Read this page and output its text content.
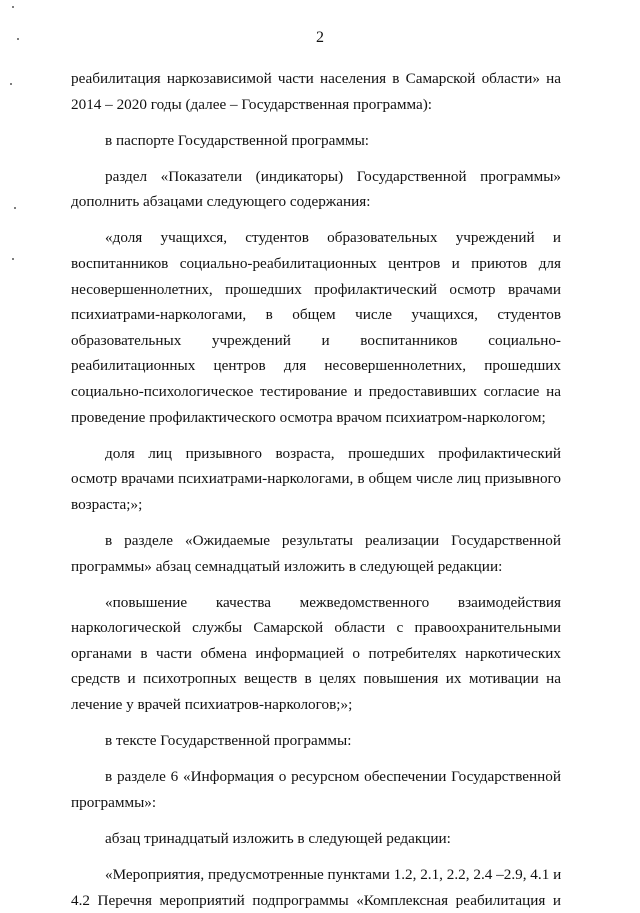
2
реабилитация наркозависимой части населения в Самарской области» на
2014 – 2020 годы (далее – Государственная программа):
в паспорте Государственной программы:
раздел «Показатели (индикаторы) Государственной программы»
дополнить абзацами следующего содержания:
«доля учащихся, студентов образовательных учреждений и
воспитанников социально-реабилитационных центров и приютов для
несовершеннолетних, прошедших профилактический осмотр врачами
психиатрами-наркологами, в общем числе учащихся, студентов
образовательных учреждений и воспитанников социально-
реабилитационных центров для несовершеннолетних, прошедших
социально-психологическое тестирование и предоставивших согласие на
проведение профилактического осмотра врачом психиатром-наркологом;
доля лиц призывного возраста, прошедших профилактический
осмотр врачами психиатрами-наркологами, в общем числе лиц призывного
возраста;»;
в разделе «Ожидаемые результаты реализации Государственной
программы» абзац семнадцатый изложить в следующей редакции:
«повышение качества межведомственного взаимодействия
наркологической службы Самарской области с правоохранительными
органами в части обмена информацией о потребителях наркотических
средств и психотропных веществ в целях повышения их мотивации на
лечение у врачей психиатров-наркологов;»;
в тексте Государственной программы:
в разделе 6 «Информация о ресурсном обеспечении Государственной
программы»:
абзац тринадцатый изложить в следующей редакции:
«Мероприятия, предусмотренные пунктами 1.2, 2.1, 2.2, 2.4 –2.9, 4.1 и
4.2 Перечня мероприятий подпрограммы «Комплексная реабилитация и
